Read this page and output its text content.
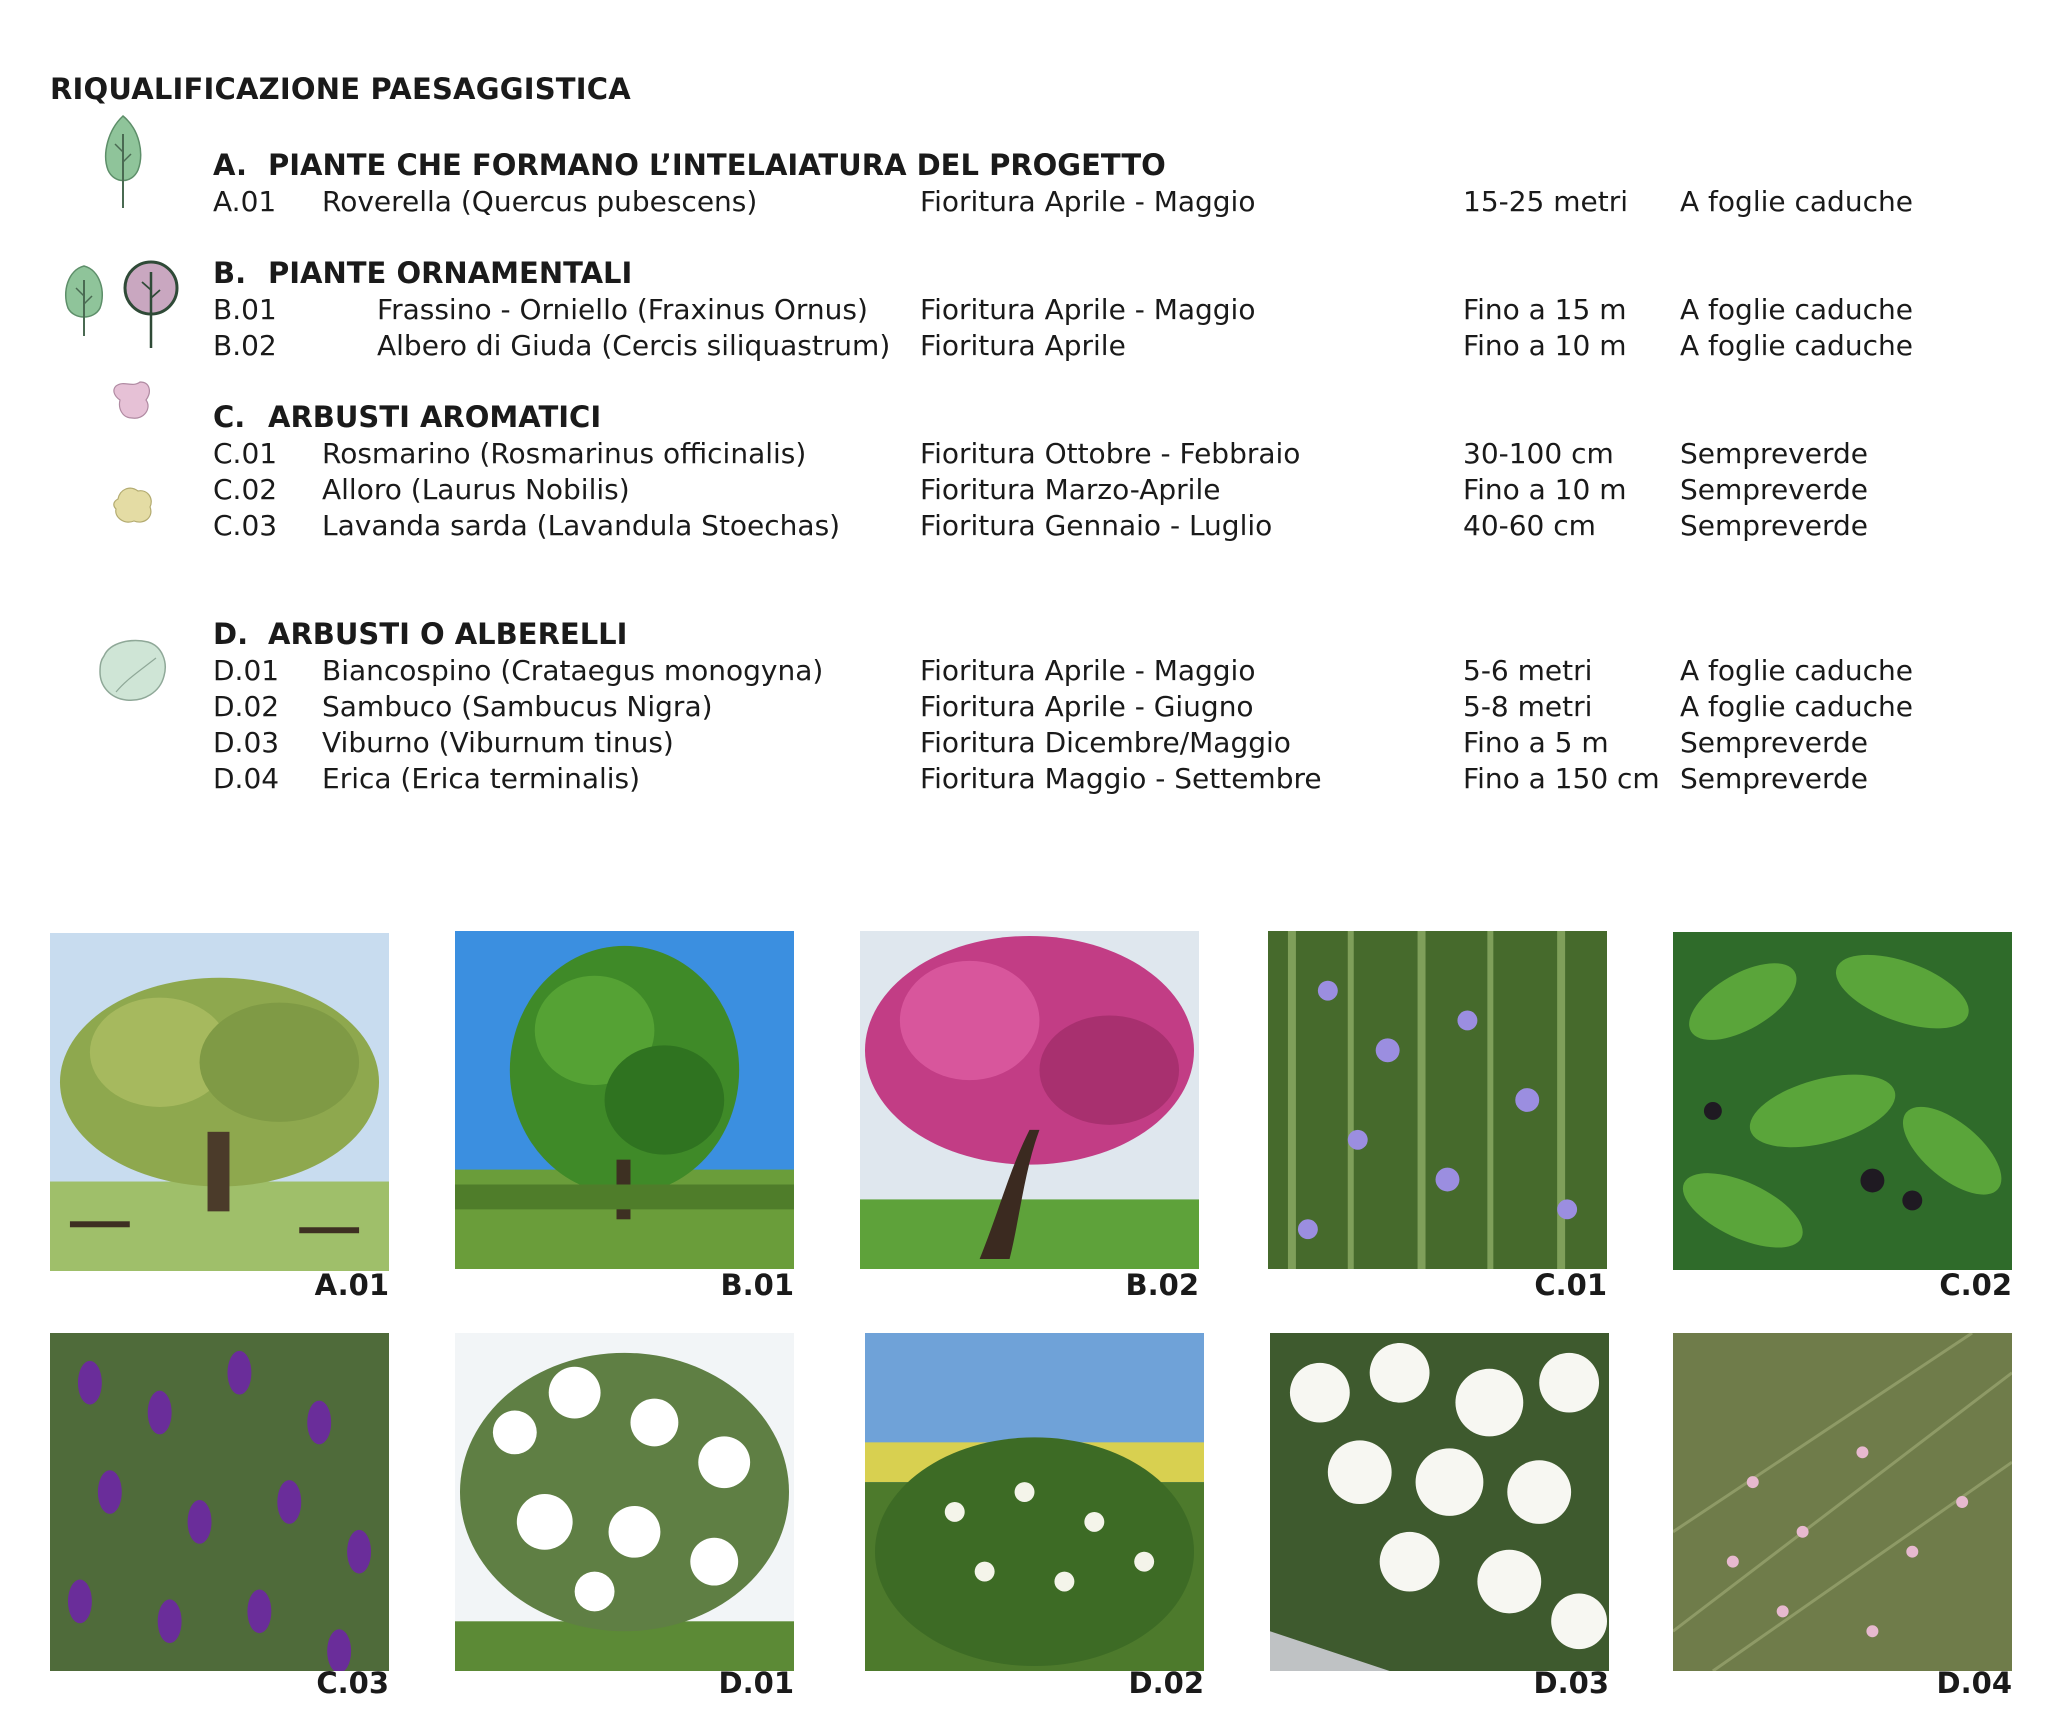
RIQUALIFICAZIONE PAESAGGISTICA
A. PIANTE CHE FORMANO L’INTELAIATURA DEL PROGETTO
A.01 Roverella (Quercus pubescens)	Fioritura Aprile - Maggio	15-25 metri A foglie caduche
B. PIANTE ORNAMENTALI
B.01	Frassino - Orniello (Fraxinus Ornus) Fioritura Aprile - Maggio	Fino a 15 m A foglie caduche
B.02	Albero di Giuda (Cercis siliquastrum) Fioritura Aprile	Fino a 10 m A foglie caduche
C. ARBUSTI AROMATICI
C.01 Rosmarino (Rosmarinus officinalis)	Fioritura Ottobre - Febbraio	30-100 cm Sempreverde
C.02 Alloro (Laurus Nobilis)	Fioritura Marzo-Aprile	Fino a 10 m Sempreverde
C.03 Lavanda sarda (Lavandula Stoechas)	Fioritura Gennaio - Luglio	40-60 cm	Sempreverde
D. ARBUSTI O ALBERELLI
D.01 Biancospino (Crataegus monogyna)	Fioritura Aprile - Maggio	5-6 metri	A foglie caduche
D.02 Sambuco (Sambucus Nigra)	Fioritura Aprile - Giugno	5-8 metri	A foglie caduche
D.03 Viburno (Viburnum tinus)	Fioritura Dicembre/Maggio	Fino a 5 m	Sempreverde
D.04 Erica (Erica terminalis)	Fioritura Maggio - Settembre	Fino a 150 cm Sempreverde
A.01	B.01	B.02	C.01	C.02
C.03	D.01	D.02	D.03	D.04
